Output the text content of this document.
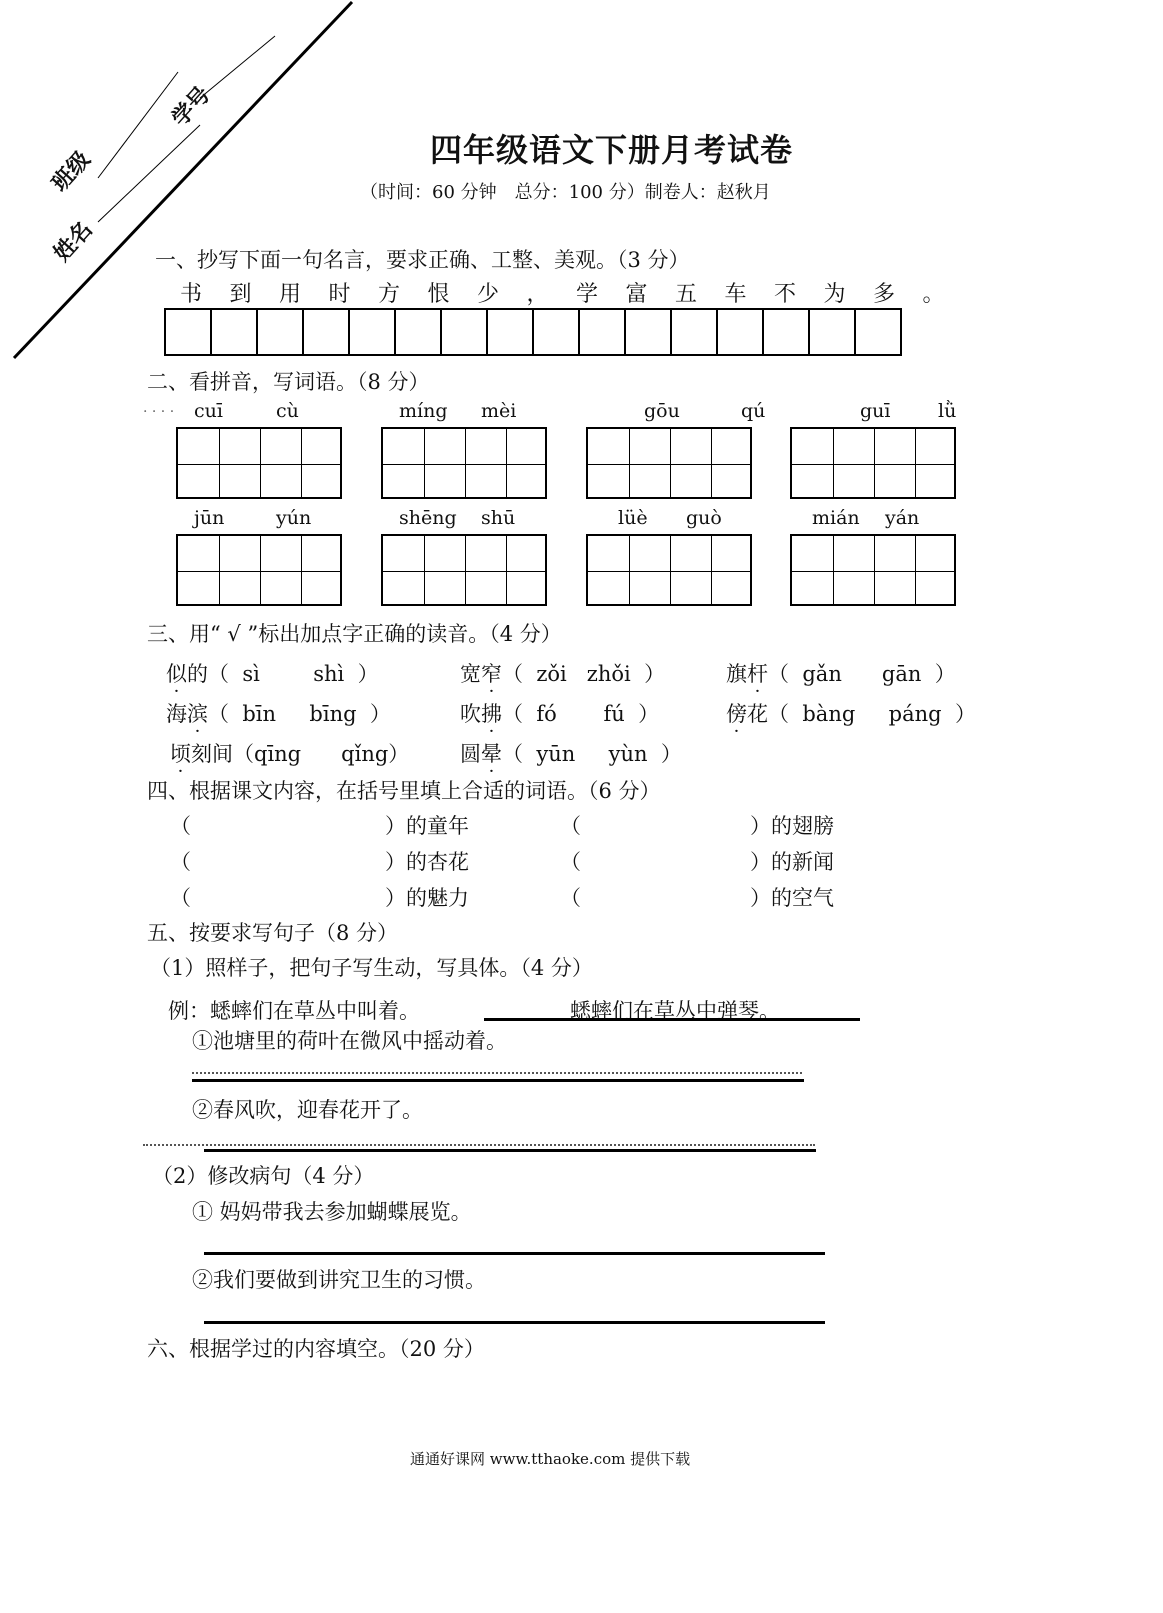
班级
学号
姓名
四年级语文下册月考试卷
（时间：60 分钟　总分：100 分）制卷人：赵秋月
一、抄写下面一句名言，要求正确、工整、美观。（3 分）
书	到	用	时	方	恨	少	，	学	富	五	车	不	为	多	。
二、看拼音，写词语。（8 分）
· · · · cuī	cù	míng mèi	gōu	qú	guī	lǜ
jūn	yún	shēng shū	lüè guò	mián yán
三、用“ √ ”标出加点字正确的读音。（4 分）
似的（  sì        shì  ）	宽窄（  zǒi   zhǒi  ）	旗杆（  gǎn      gān  ）
海滨（  bīn     bīng  ）	吹拂（  fó       fú  ）	傍花（  bàng     páng  ）
顷刻间（qīng      qǐng） 圆晕（  yūn     yùn  ）
四、根据课文内容，在括号里填上合适的词语。（6 分）
（	）的童年	（	）的翅膀
（	）的杏花	（	）的新闻
（	）的魅力	（	）的空气
五、按要求写句子（8 分）
（1）照样子，把句子写生动，写具体。（4 分）
例：蟋蟀们在草丛中叫着。	蟋蟀们在草丛中弹琴。
①池塘里的荷叶在微风中摇动着。
②春风吹，迎春花开了。
（2）修改病句（4 分）
① 妈妈带我去参加蝴蝶展览。
②我们要做到讲究卫生的习惯。
六、根据学过的内容填空。（20 分）
通通好课网 www.tthaoke.com 提供下载
